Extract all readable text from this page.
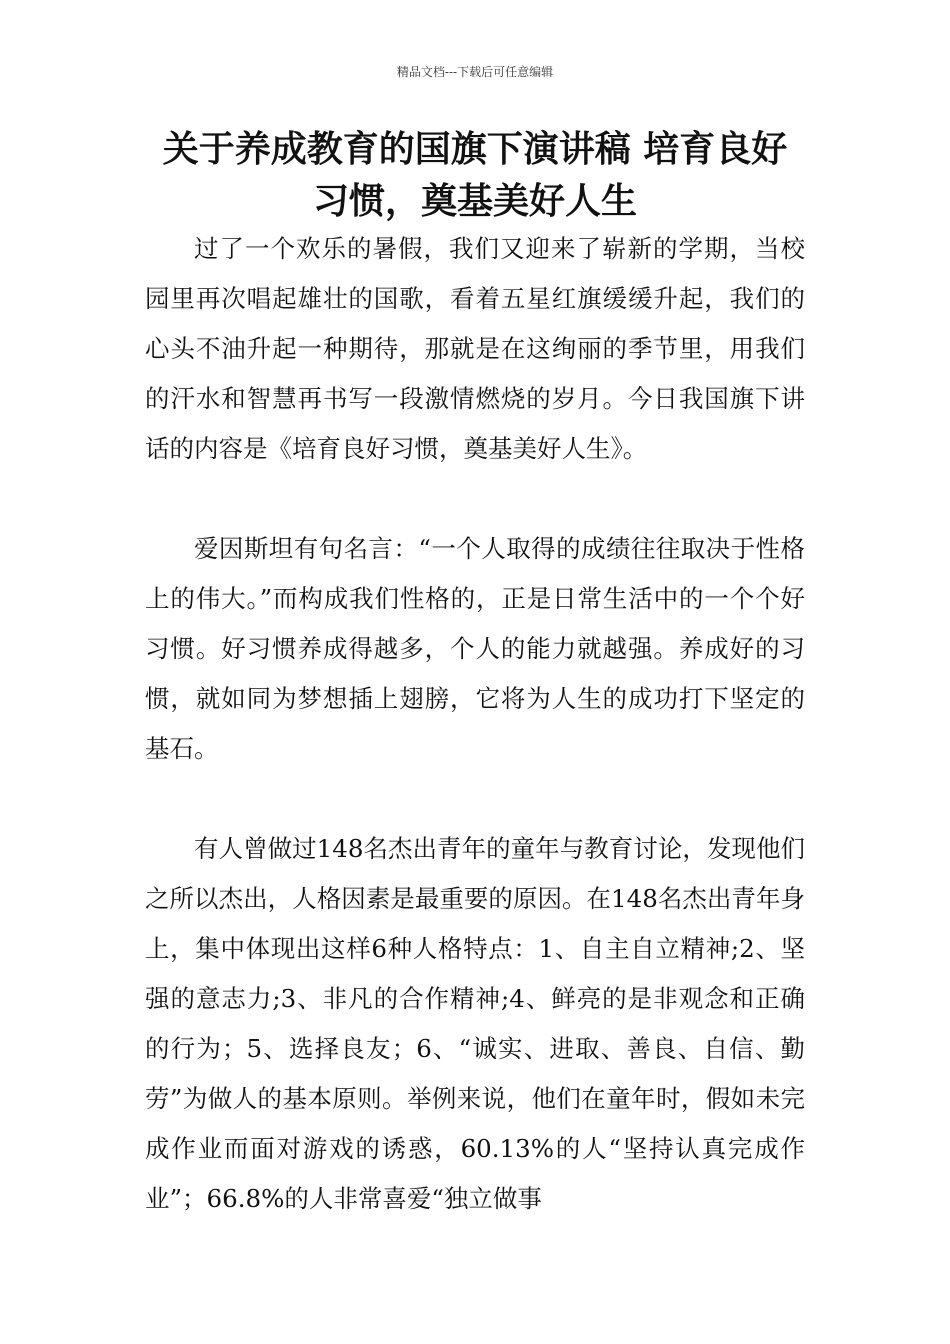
精品文档---下载后可任意编辑
关于养成教育的国旗下演讲稿 培育良好习惯，奠基美好人生

过了一个欢乐的暑假，我们又迎来了崭新的学期，当校园里再次唱起雄壮的国歌，看着五星红旗缓缓升起，我们的心头不油升起一种期待，那就是在这绚丽的季节里，用我们的汗水和智慧再书写一段激情燃烧的岁月。今日我国旗下讲话的内容是《培育良好习惯，奠基美好人生》。

爱因斯坦有句名言：“一个人取得的成绩往往取决于性格上的伟大。”而构成我们性格的，正是日常生活中的一个个好习惯。好习惯养成得越多，个人的能力就越强。养成好的习惯，就如同为梦想插上翅膀，它将为人生的成功打下坚定的基石。

有人曾做过148名杰出青年的童年与教育讨论，发现他们之所以杰出，人格因素是最重要的原因。在148名杰出青年身上，集中体现出这样6种人格特点：1、自主自立精神;2、坚强的意志力;3、非凡的合作精神;4、鲜亮的是非观念和正确的行为；5、选择良友；6、“诚实、进取、善良、自信、勤劳”为做人的基本原则。举例来说，他们在童年时，假如未完成作业而面对游戏的诱惑，60.13%的人“坚持认真完成作业”；66.8%的人非常喜爱“独立做事
